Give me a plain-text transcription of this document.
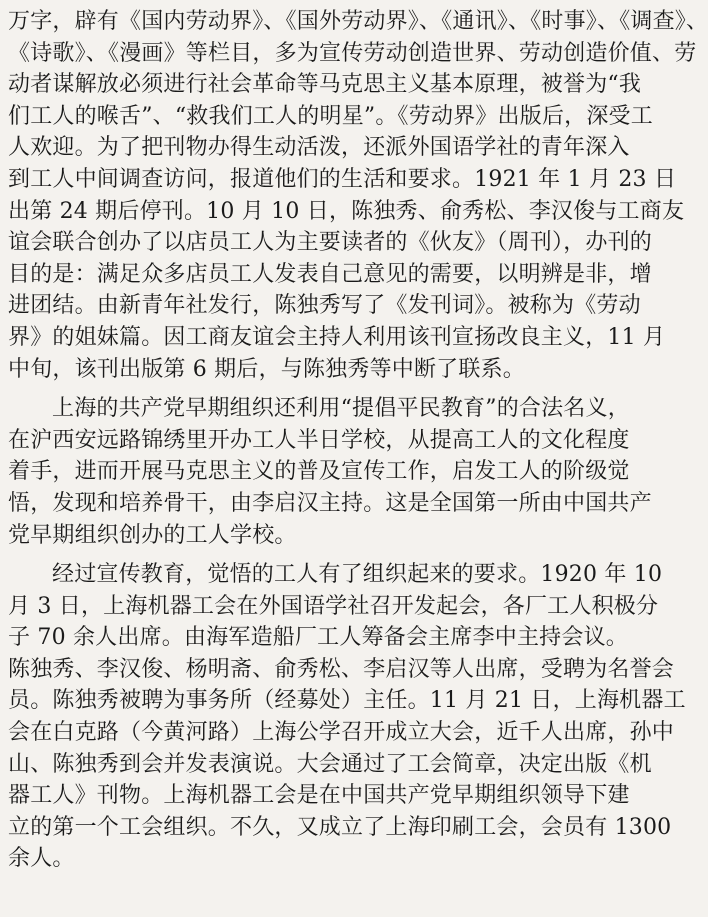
万字，辟有《国内劳动界》、《国外劳动界》、《通讯》、《时事》、《调查》、
《诗歌》、《漫画》等栏目，多为宣传劳动创造世界、劳动创造价值、劳
动者谋解放必须进行社会革命等马克思主义基本原理，被誉为“我
们工人的喉舌”、“救我们工人的明星”。《劳动界》出版后，深受工
人欢迎。为了把刊物办得生动活泼，还派外国语学社的青年深入
到工人中间调查访问，报道他们的生活和要求。1921 年 1 月 23 日
出第 24 期后停刊。10 月 10 日，陈独秀、俞秀松、李汉俊与工商友
谊会联合创办了以店员工人为主要读者的《伙友》（周刊），办刊的
目的是：满足众多店员工人发表自己意见的需要，以明辨是非，增
进团结。由新青年社发行，陈独秀写了《发刊词》。被称为《劳动
界》的姐妹篇。因工商友谊会主持人利用该刊宣扬改良主义，11 月
中旬，该刊出版第 6 期后，与陈独秀等中断了联系。
上海的共产党早期组织还利用“提倡平民教育”的合法名义，
在沪西安远路锦绣里开办工人半日学校，从提高工人的文化程度
着手，进而开展马克思主义的普及宣传工作，启发工人的阶级觉
悟，发现和培养骨干，由李启汉主持。这是全国第一所由中国共产
党早期组织创办的工人学校。
经过宣传教育，觉悟的工人有了组织起来的要求。1920 年 10
月 3 日，上海机器工会在外国语学社召开发起会，各厂工人积极分
子 70 余人出席。由海军造船厂工人筹备会主席李中主持会议。
陈独秀、李汉俊、杨明斋、俞秀松、李启汉等人出席，受聘为名誉会
员。陈独秀被聘为事务所（经募处）主任。11 月 21 日，上海机器工
会在白克路（今黄河路）上海公学召开成立大会，近千人出席，孙中
山、陈独秀到会并发表演说。大会通过了工会简章，决定出版《机
器工人》刊物。上海机器工会是在中国共产党早期组织领导下建
立的第一个工会组织。不久，又成立了上海印刷工会，会员有 1300
余人。
